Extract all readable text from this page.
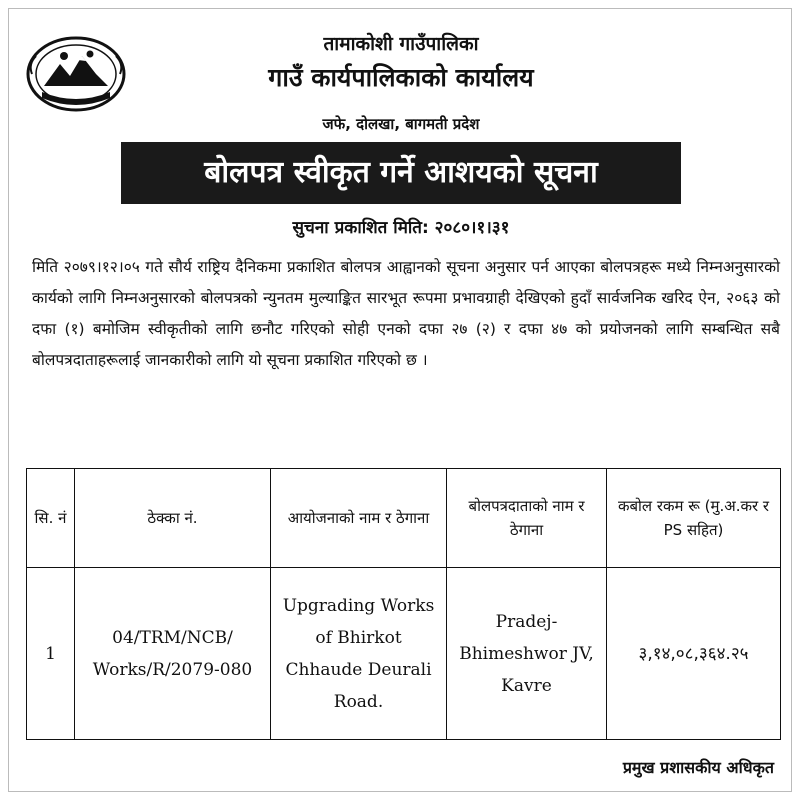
तामाकोशी गाउँपालिका
गाउँ कार्यपालिकाको कार्यालय
जफे, दोलखा, बागमती प्रदेश
बोलपत्र स्वीकृत गर्ने आशयको सूचना
सुचना प्रकाशित मिति: २०८०।१।३१
मिति २०७९।१२।०५ गते सौर्य राष्ट्रिय दैनिकमा प्रकाशित बोलपत्र आह्वानको सूचना अनुसार पर्न आएका बोलपत्रहरू मध्ये निम्नअनुसारको कार्यको लागि निम्नअनुसारको बोलपत्रको न्युनतम मुल्याङ्कित सारभूत रूपमा प्रभावग्राही देखिएको हुदाँ सार्वजनिक खरिद ऐन, २०६३ को दफा (१) बमोजिम स्वीकृतीको लागि छनौट गरिएको सोही एनको दफा २७ (२) र दफा ४७ को प्रयोजनको लागि सम्बन्धित सबै बोलपत्रदाताहरूलाई जानकारीको लागि यो सूचना प्रकाशित गरिएको छ ।
सि. नं	ठेक्का नं.	आयोजनाको नाम र ठेगाना	बोलपत्रदाताको नाम र ठेगाना	कबोल रकम रू (मु.अ.कर र PS सहित)
1	04/TRM/NCB/ Works/R/2079-080	Upgrading Works of Bhirkot Chhaude Deurali Road.	Pradej- Bhimeshwor JV, Kavre	३,१४,०८,३६४.२५
प्रमुख प्रशासकीय अधिकृत
